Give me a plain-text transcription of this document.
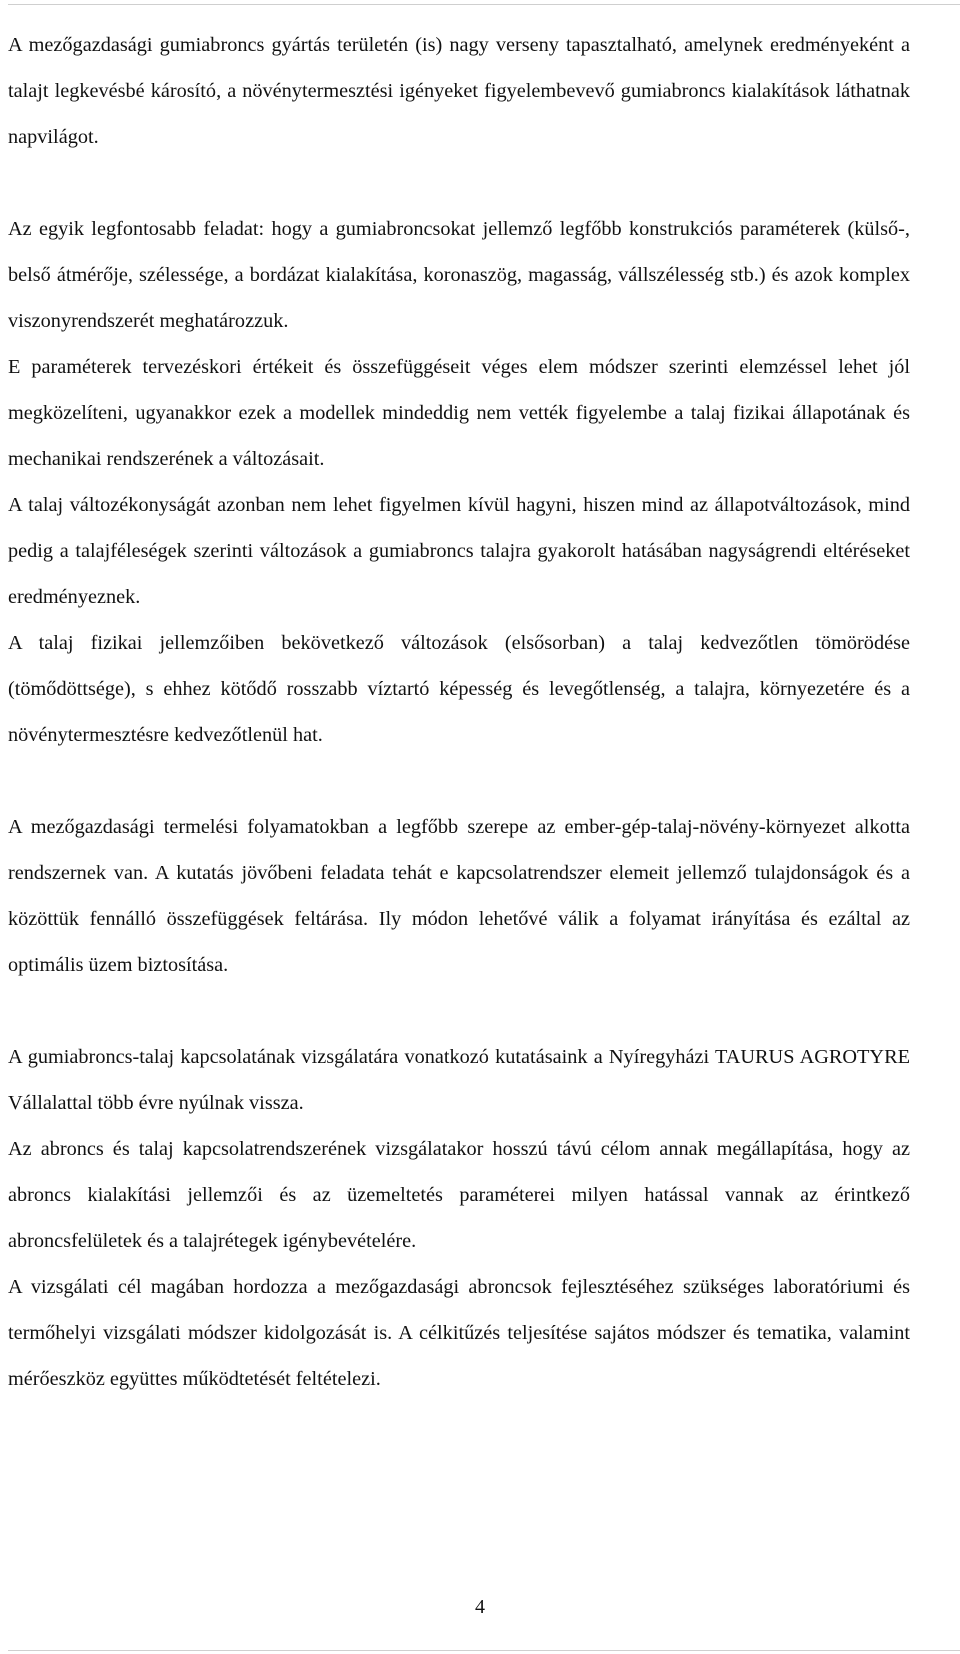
A mezőgazdasági gumiabroncs gyártás területén (is) nagy verseny tapasztalható, amelynek eredményeként a talajt legkevésbé károsító, a növénytermesztési igényeket figyelembevevő gumiabroncs kialakítások láthatnak napvilágot.

Az egyik legfontosabb feladat: hogy a gumiabroncsokat jellemző legfőbb konstrukciós paraméterek (külső-, belső átmérője, szélessége, a bordázat kialakítása, koronaszög, magasság, vállszélesség stb.) és azok komplex viszonyrendszerét meghatározzuk.

E paraméterek tervezéskori értékeit és összefüggéseit véges elem módszer szerinti elemzéssel lehet jól megközelíteni, ugyanakkor ezek a modellek mindeddig nem vették figyelembe a talaj fizikai állapotának és mechanikai rendszerének a változásait.

A talaj változékonyságát azonban nem lehet figyelmen kívül hagyni, hiszen mind az állapotváltozások, mind pedig a talajféleségek szerinti változások a gumiabroncs talajra gyakorolt hatásában nagyságrendi eltéréseket eredményeznek.

A talaj fizikai jellemzőiben bekövetkező változások (elsősorban) a talaj kedvezőtlen tömörödése (tömődöttsége), s ehhez kötődő rosszabb víztartó képesség és levegőtlenség, a talajra, környezetére és a növénytermesztésre kedvezőtlenül hat.

A mezőgazdasági termelési folyamatokban a legfőbb szerepe az ember-gép-talaj-növény-környezet alkotta rendszernek van. A kutatás jövőbeni feladata tehát e kapcsolatrendszer elemeit jellemző tulajdonságok és a közöttük fennálló összefüggések feltárása. Ily módon lehetővé válik a folyamat irányítása és ezáltal az optimális üzem biztosítása.

A gumiabroncs-talaj kapcsolatának vizsgálatára vonatkozó kutatásaink a Nyíregyházi TAURUS AGROTYRE Vállalattal több évre nyúlnak vissza.

Az abroncs és talaj kapcsolatrendszerének vizsgálatakor hosszú távú célom annak megállapítása, hogy az abroncs kialakítási jellemzői és az üzemeltetés paraméterei milyen hatással vannak az érintkező abroncsfelületek és a talajrétegek igénybevételére.

A vizsgálati cél magában hordozza a mezőgazdasági abroncsok fejlesztéséhez szükséges laboratóriumi és termőhelyi vizsgálati módszer kidolgozását is. A célkitűzés teljesítése sajátos módszer és tematika, valamint mérőeszköz együttes működtetését feltételezi.

4
